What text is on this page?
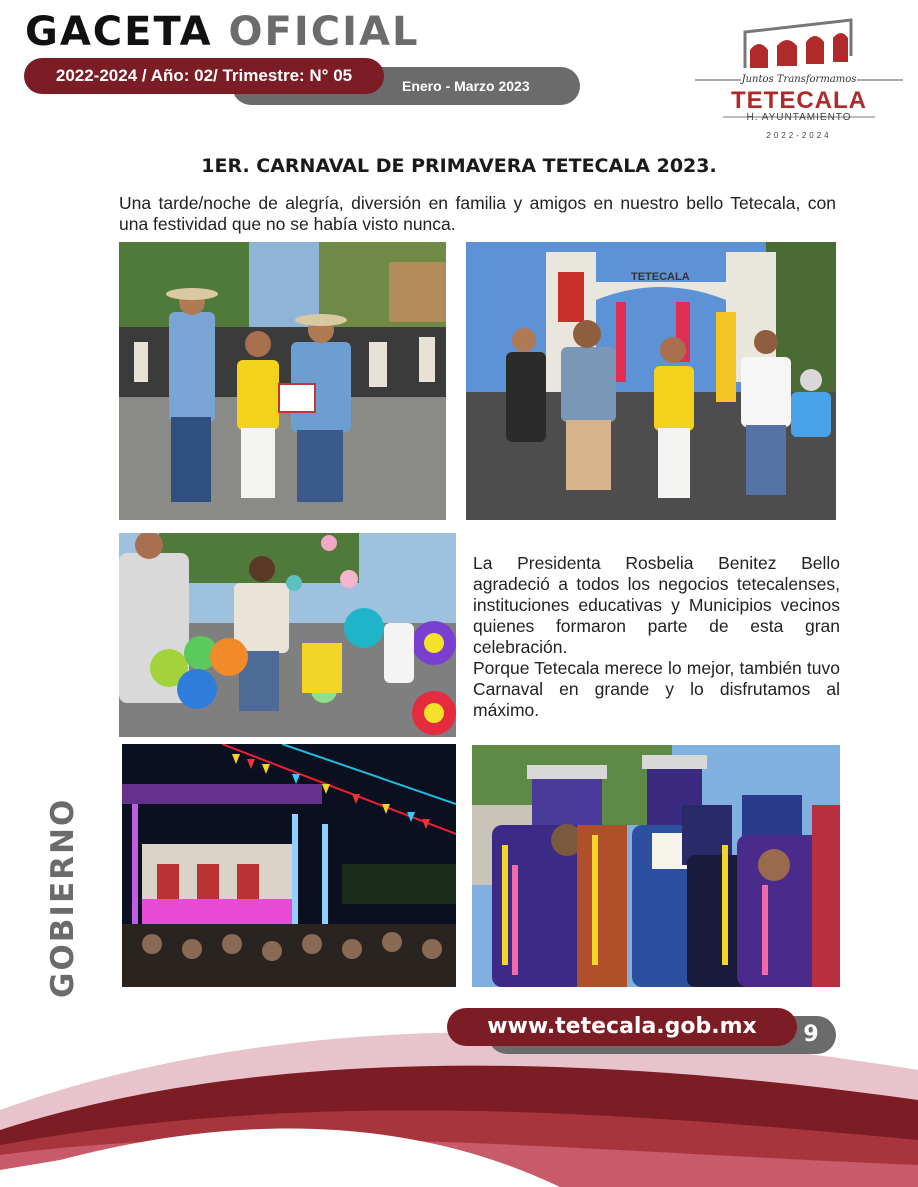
GACETA OFICIAL
Enero - Marzo 2023
2022-2024 / Año: 02/ Trimestre: N° 05	Juntos Transformamos
TETECALA
H. AYUNTAMIENTO
2022-2024
1ER. CARNAVAL DE PRIMAVERA TETECALA 2023.
Una tarde/noche de alegría, diversión en familia y amigos en nuestro bello Tetecala, con una festividad que no se había visto nunca.
TETECALA
La Presidenta Rosbelia Benitez Bello agradeció a todos los negocios tetecalenses, instituciones educativas y Municipios vecinos quienes formaron parte de esta gran celebración.
Porque Tetecala merece lo mejor, también tuvo Carnaval en grande y lo disfrutamos al máximo.
GOBIERNO
www.tetecala.gob.mx	9
